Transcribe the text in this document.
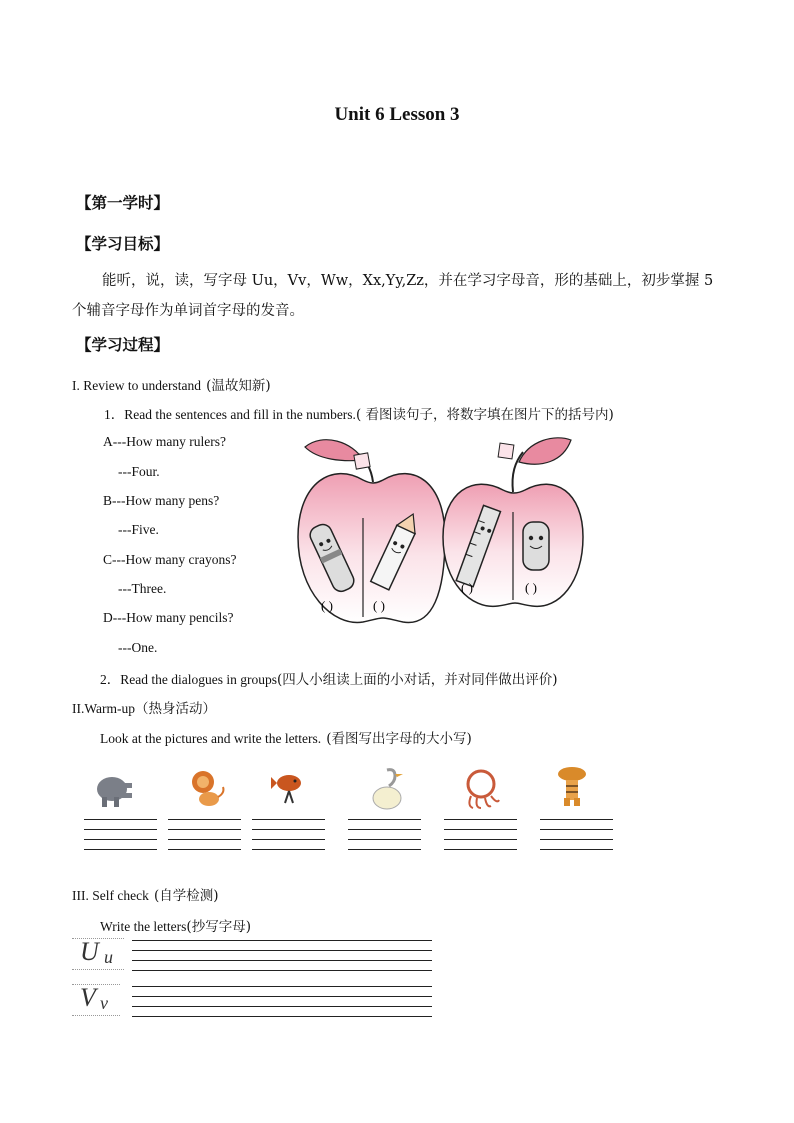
Unit 6 Lesson 3
【第一学时】
【学习目标】
能听，说，读，写字母 Uu，Vv，Ww，Xx,Yy,Zz，并在学习字母音，形的基础上，初步掌握 5 个辅音字母作为单词首字母的发音。
【学习过程】
I. Review to understand (温故知新)
1．Read the sentences and fill in the numbers.( 看图读句子，将数字填在图片下的括号内)
A---How many rulers?
---Four.
B---How many pens?
---Five.
C---How many crayons?
---Three.
D---How many pencils?
---One.
( )	( )
( )	( )
2．Read the dialogues in groups(四人小组读上面的小对话，并对同伴做出评价)
II.Warm-up（热身活动）
Look at the pictures and write the letters. (看图写出字母的大小写)
III. Self check (自学检测)
Write the letters(抄写字母)
U u
V v
